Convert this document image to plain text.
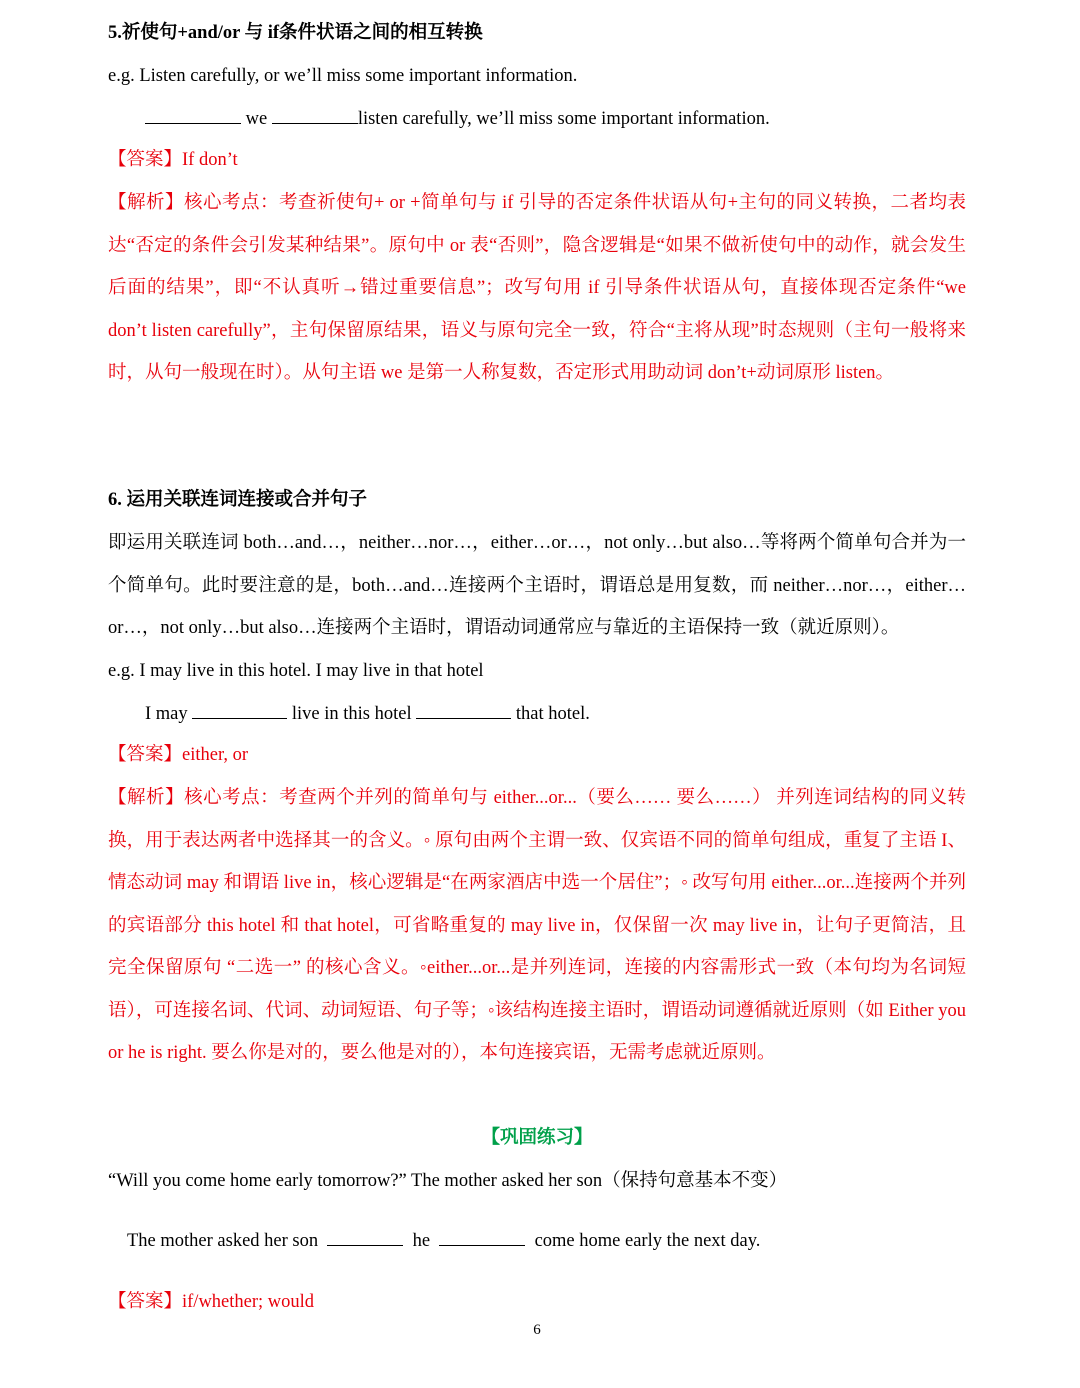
5.祈使句+and/or 与 if条件状语之间的相互转换
e.g. Listen carefully, or we’ll miss some important information.
we	listen carefully, we’ll miss some important information.
【答案】If don’t
【解析】核心考点：考查祈使句+ or +简单句与 if 引导的否定条件状语从句+主句的同义转换，二者均表达“否定的条件会引发某种结果”。原句中 or 表“否则”，隐含逻辑是“如果不做祈使句中的动作，就会发生后面的结果”，即“不认真听→错过重要信息”；改写句用 if 引导条件状语从句，直接体现否定条件“we don’t listen carefully”，主句保留原结果，语义与原句完全一致，符合“主将从现”时态规则（主句一般将来时，从句一般现在时）。从句主语 we 是第一人称复数，否定形式用助动词 don’t+动词原形 listen。
6. 运用关联连词连接或合并句子
即运用关联连词 both…and…，neither…nor…，either…or…，not only…but also…等将两个简单句合并为一个简单句。此时要注意的是，both…and…连接两个主语时，谓语总是用复数，而 neither…nor…，either…or…，not only…but also…连接两个主语时，谓语动词通常应与靠近的主语保持一致（就近原则）。
e.g. I may live in this hotel. I may live in that hotel
I may	live in this hotel	that hotel.
【答案】either, or
【解析】核心考点：考查两个并列的简单句与 either...or...（要么…… 要么……） 并列连词结构的同义转换，用于表达两者中选择其一的含义。◦ 原句由两个主谓一致、仅宾语不同的简单句组成，重复了主语 I、情态动词 may 和谓语 live in，核心逻辑是“在两家酒店中选一个居住”；◦ 改写句用 either...or...连接两个并列的宾语部分 this hotel 和 that hotel，可省略重复的 may live in，仅保留一次 may live in，让句子更简洁，且完全保留原句 “二选一” 的核心含义。◦either...or...是并列连词，连接的内容需形式一致（本句均为名词短语），可连接名词、代词、动词短语、句子等；◦该结构连接主语时，谓语动词遵循就近原则（如 Either you or he is right. 要么你是对的，要么他是对的），本句连接宾语，无需考虑就近原则。
【巩固练习】
“Will you come home early tomorrow?” The mother asked her son（保持句意基本不变）
The mother asked her son	he	come home early the next day.
【答案】if/whether; would
6
